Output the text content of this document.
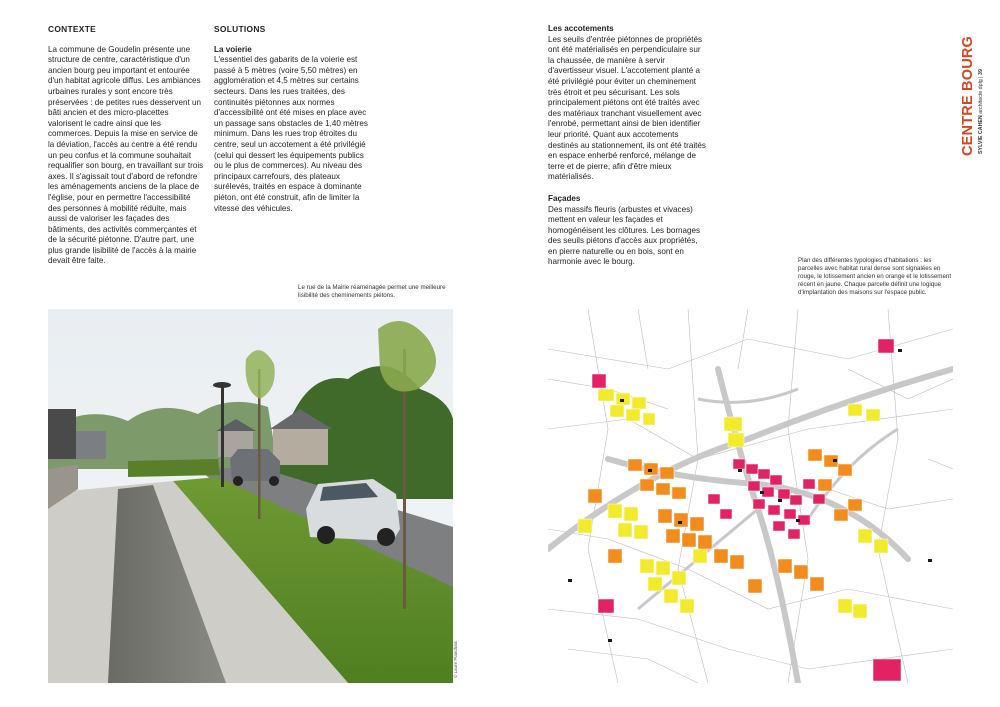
CONTEXTE

La commune de Goudelin présente une structure de centre, caractéristique d'un ancien bourg peu important et entourée d'un habitat agricole diffus. Les ambiances urbaines rurales y sont encore très préservées : de petites rues desservent un bâti ancien et des micro-placettes valorisent le cadre ainsi que les commerces. Depuis la mise en service de la déviation, l'accès au centre a été rendu un peu confus et la commune souhaitait requalifier son bourg, en travaillant sur trois axes. Il s'agissait tout d'abord de refondre les aménagements anciens de la place de l'église, pour en permettre l'accessibilité des personnes à mobilité réduite, mais aussi de valoriser les façades des bâtiments, des activités commerçantes et de la sécurité piétonne. D'autre part, une plus grande lisibilité de l'accès à la mairie devait être faite.

SOLUTIONS
La voierie

L'essentiel des gabarits de la voierie est passé à 5 mètres (voire 5,50 mètres) en agglomération et 4,5 mètres sur certains secteurs. Dans les rues traitées, des continuités piétonnes aux normes d'accessibilité ont été mises en place avec un passage sans obstacles de 1,40 mètres minimum. Dans les rues trop étroites du centre, seul un accotement a été privilégié (celui qui dessert les équipements publics ou le plus de commerces). Au niveau des principaux carrefours, des plateaux surélevés, traités en espace à dominante piéton, ont été construit, afin de limiter la vitesse des véhicules.

Les accotements

Les seuils d'entrée piétonnes de propriétés ont été matérialisés en perpendiculaire sur la chaussée, de manière à servir d'avertisseur visuel. L'accotement planté a été privilégié pour éviter un cheminement très étroit et peu sécurisant. Les sols principalement piétons ont été traités avec des matériaux tranchant visuellement avec l'enrobé, permettant ainsi de bien identifier leur priorité. Quant aux accotements destinés au stationnement, ils ont été traités en espace enherbé renforcé, mélange de terre et de pierre, afin d'être mieux matérialisés.

Façades

Des massifs fleuris (arbustes et vivaces) mettent en valeur les façades et homogénéisent les clôtures. Les bornages des seuils piétons d'accès aux propriétés, en pierre naturelle ou en bois, sont en harmonie avec le bourg.

Le rue de la Mairie réaménagée permet une meilleure lisibilité des cheminements piétons.
Plan des différentes typologies d'habitations : les parcelles avec habitat rural dense sont signalées en rouge, le lotissement ancien en orange et le lotissement récent en jaune. Chaque parcelle définit une logique d'implantation des maisons sur l'espace public.
© Laure Planchais
CENTRE BOURG SYLVIE CAHEN architecte dplg | 39
